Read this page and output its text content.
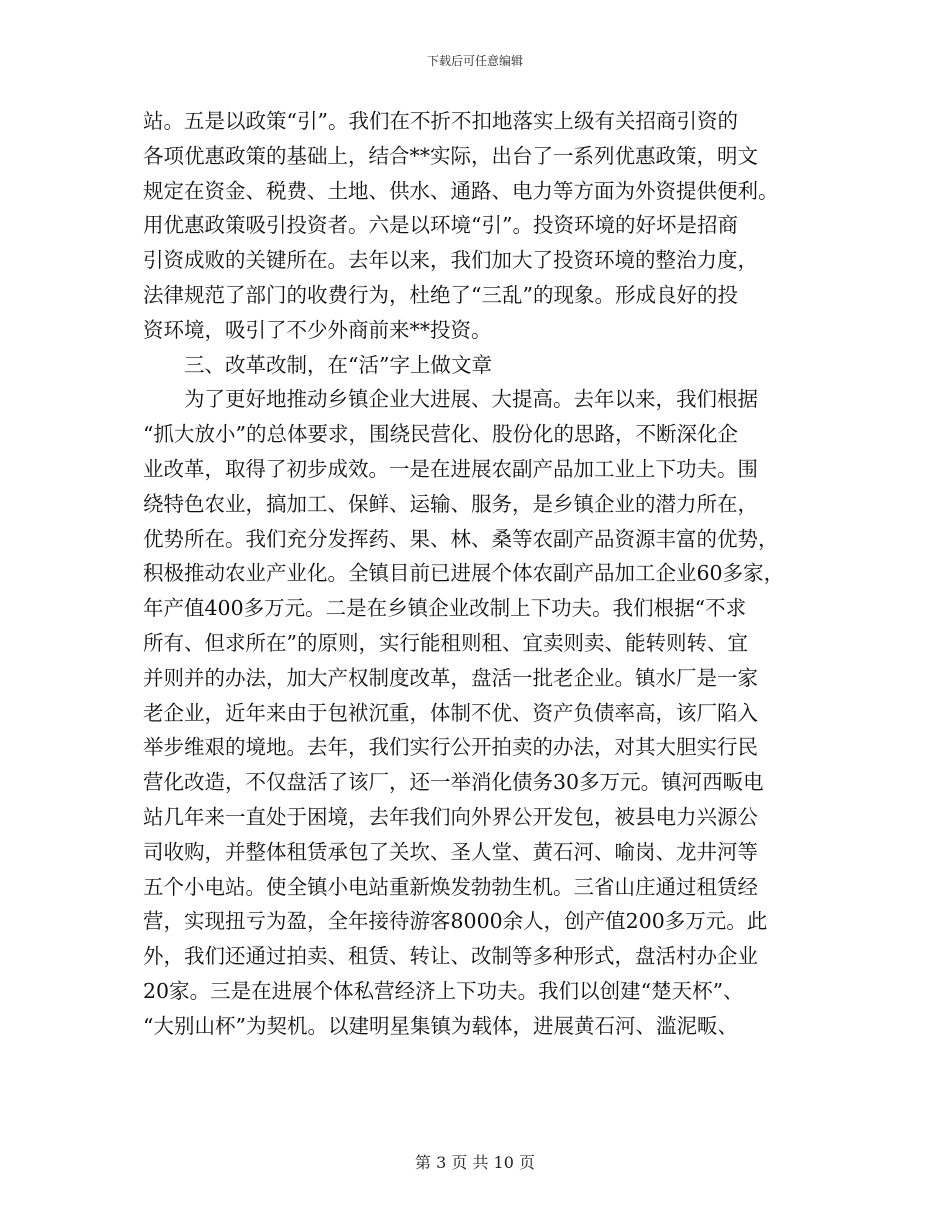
下载后可任意编辑
站。五是以政策“引”。我们在不折不扣地落实上级有关招商引资的
各项优惠政策的基础上，结合**实际，出台了一系列优惠政策，明文
规定在资金、税费、土地、供水、通路、电力等方面为外资提供便利。
用优惠政策吸引投资者。六是以环境“引”。投资环境的好坏是招商
引资成败的关键所在。去年以来，我们加大了投资环境的整治力度，
法律规范了部门的收费行为，杜绝了“三乱”的现象。形成良好的投
资环境，吸引了不少外商前来**投资。
三、改革改制，在“活”字上做文章
为了更好地推动乡镇企业大进展、大提高。去年以来，我们根据
“抓大放小”的总体要求，围绕民营化、股份化的思路，不断深化企
业改革，取得了初步成效。一是在进展农副产品加工业上下功夫。围
绕特色农业，搞加工、保鲜、运输、服务，是乡镇企业的潜力所在，
优势所在。我们充分发挥药、果、林、桑等农副产品资源丰富的优势，
积极推动农业产业化。全镇目前已进展个体农副产品加工企业60多家，
年产值400多万元。二是在乡镇企业改制上下功夫。我们根据“不求
所有、但求所在”的原则，实行能租则租、宜卖则卖、能转则转、宜
并则并的办法，加大产权制度改革，盘活一批老企业。镇水厂是一家
老企业，近年来由于包袱沉重，体制不优、资产负债率高，该厂陷入
举步维艰的境地。去年，我们实行公开拍卖的办法，对其大胆实行民
营化改造，不仅盘活了该厂，还一举消化债务30多万元。镇河西畈电
站几年来一直处于困境，去年我们向外界公开发包，被县电力兴源公
司收购，并整体租赁承包了关坎、圣人堂、黄石河、喻岗、龙井河等
五个小电站。使全镇小电站重新焕发勃勃生机。三省山庄通过租赁经
营，实现扭亏为盈，全年接待游客8000余人，创产值200多万元。此
外，我们还通过拍卖、租赁、转让、改制等多种形式，盘活村办企业
20家。三是在进展个体私营经济上下功夫。我们以创建“楚天杯”、
“大别山杯”为契机。以建明星集镇为载体，进展黄石河、滥泥畈、
第 3 页 共 10 页
